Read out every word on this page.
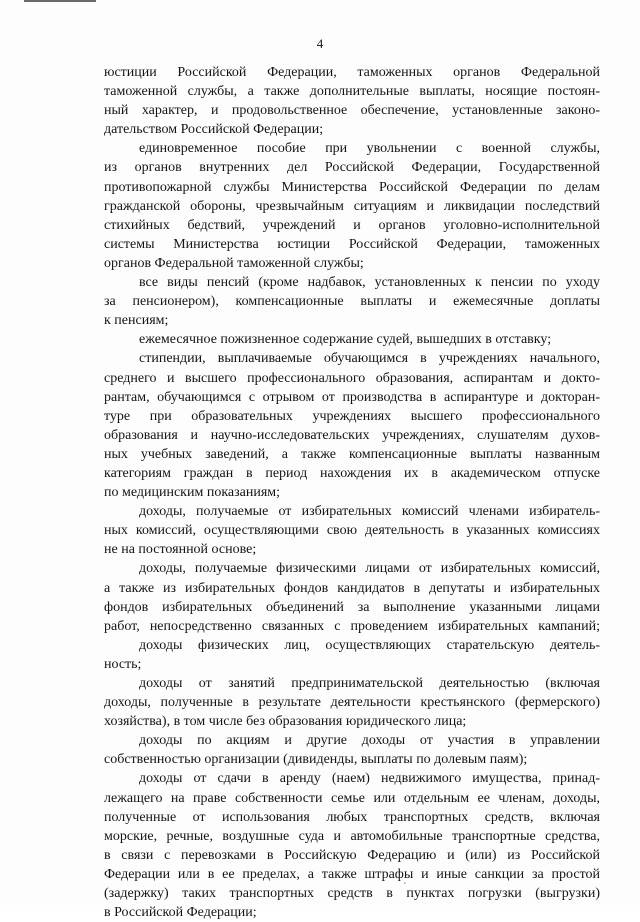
4
юстиции Российской Федерации, таможенных органов Федеральной
таможенной службы, а также дополнительные выплаты, носящие постоян-
ный характер, и продовольственное обеспечение, установленные законо-
дательством Российской Федерации;
единовременное пособие при увольнении с военной службы,
из органов внутренних дел Российской Федерации, Государственной
противопожарной службы Министерства Российской Федерации по делам
гражданской обороны, чрезвычайным ситуациям и ликвидации последствий
стихийных бедствий, учреждений и органов уголовно-исполнительной
системы Министерства юстиции Российской Федерации, таможенных
органов Федеральной таможенной службы;
все виды пенсий (кроме надбавок, установленных к пенсии по уходу
за пенсионером), компенсационные выплаты и ежемесячные доплаты
к пенсиям;
ежемесячное пожизненное содержание судей, вышедших в отставку;
стипендии, выплачиваемые обучающимся в учреждениях начального,
среднего и высшего профессионального образования, аспирантам и докто-
рантам, обучающимся с отрывом от производства в аспирантуре и докторан-
туре при образовательных учреждениях высшего профессионального
образования и научно-исследовательских учреждениях, слушателям духов-
ных учебных заведений, а также компенсационные выплаты названным
категориям граждан в период нахождения их в академическом отпуске
по медицинским показаниям;
доходы, получаемые от избирательных комиссий членами избиратель-
ных комиссий, осуществляющими свою деятельность в указанных комиссиях
не на постоянной основе;
доходы, получаемые физическими лицами от избирательных комиссий,
а также из избирательных фондов кандидатов в депутаты и избирательных
фондов избирательных объединений за выполнение указанными лицами
работ, непосредственно связанных с проведением избирательных кампаний;
доходы физических лиц, осуществляющих старательскую деятель-
ность;
доходы от занятий предпринимательской деятельностью (включая
доходы, полученные в результате деятельности крестьянского (фермерского)
хозяйства), в том числе без образования юридического лица;
доходы по акциям и другие доходы от участия в управлении
собственностью организации (дивиденды, выплаты по долевым паям);
доходы от сдачи в аренду (наем) недвижимого имущества, принад-
лежащего на праве собственности семье или отдельным ее членам, доходы,
полученные от использования любых транспортных средств, включая
морские, речные, воздушные суда и автомобильные транспортные средства,
в связи с перевозками в Российскую Федерацию и (или) из Российской
Федерации или в ее пределах, а также штрафы и иные санкции за простой
(задержку) таких транспортных средств в пунктах погрузки (выгрузки)
в Российской Федерации;
